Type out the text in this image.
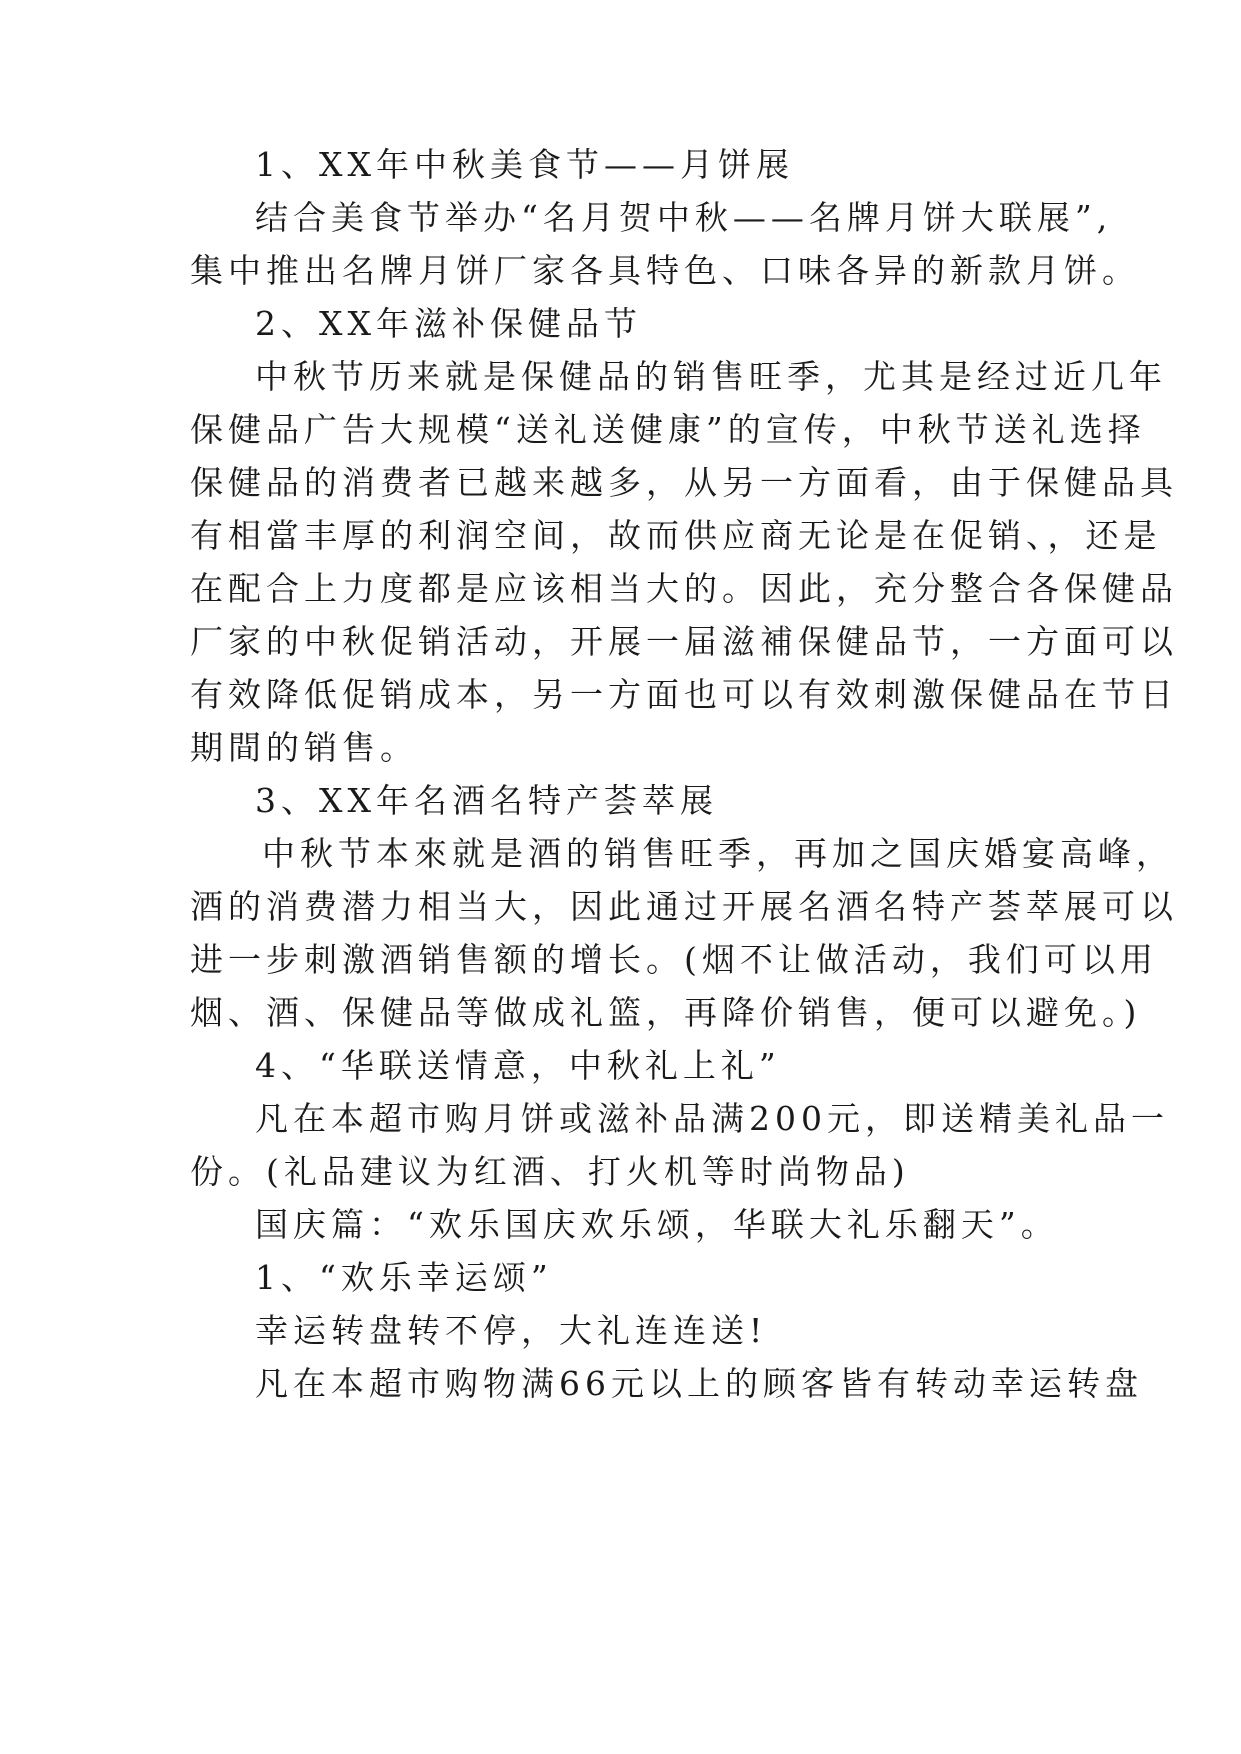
1、XX年中秋美食节——月饼展
结合美食节举办“名月贺中秋——名牌月饼大联展”,
集中推出名牌月饼厂家各具特色、口味各异的新款月饼。
2、XX年滋补保健品节
中秋节历来就是保健品的销售旺季，尤其是经过近几年
保健品广告大规模“送礼送健康”的宣传，中秋节送礼选择
保健品的消费者已越来越多，从另一方面看，由于保健品具
有相當丰厚的利润空间，故而供应商无论是在促销、，还是
在配合上力度都是应该相当大的。因此，充分整合各保健品
厂家的中秋促销活动，开展一届滋補保健品节，一方面可以
有效降低促销成本，另一方面也可以有效刺激保健品在节日
期間的销售。
3、XX年名酒名特产荟萃展
中秋节本來就是酒的销售旺季，再加之国庆婚宴高峰，
酒的消费潜力相当大，因此通过开展名酒名特产荟萃展可以
进一步刺激酒销售额的增长。(烟不让做活动，我们可以用
烟、酒、保健品等做成礼篮，再降价销售，便可以避免。)
4、“华联送情意，中秋礼上礼”
凡在本超市购月饼或滋补品满200元，即送精美礼品一
份。(礼品建议为红酒、打火机等时尚物品)
国庆篇：“欢乐国庆欢乐颂，华联大礼乐翻天”。
1、“欢乐幸运颂”
幸运转盘转不停，大礼连连送!
凡在本超市购物满66元以上的顾客皆有转动幸运转盘
